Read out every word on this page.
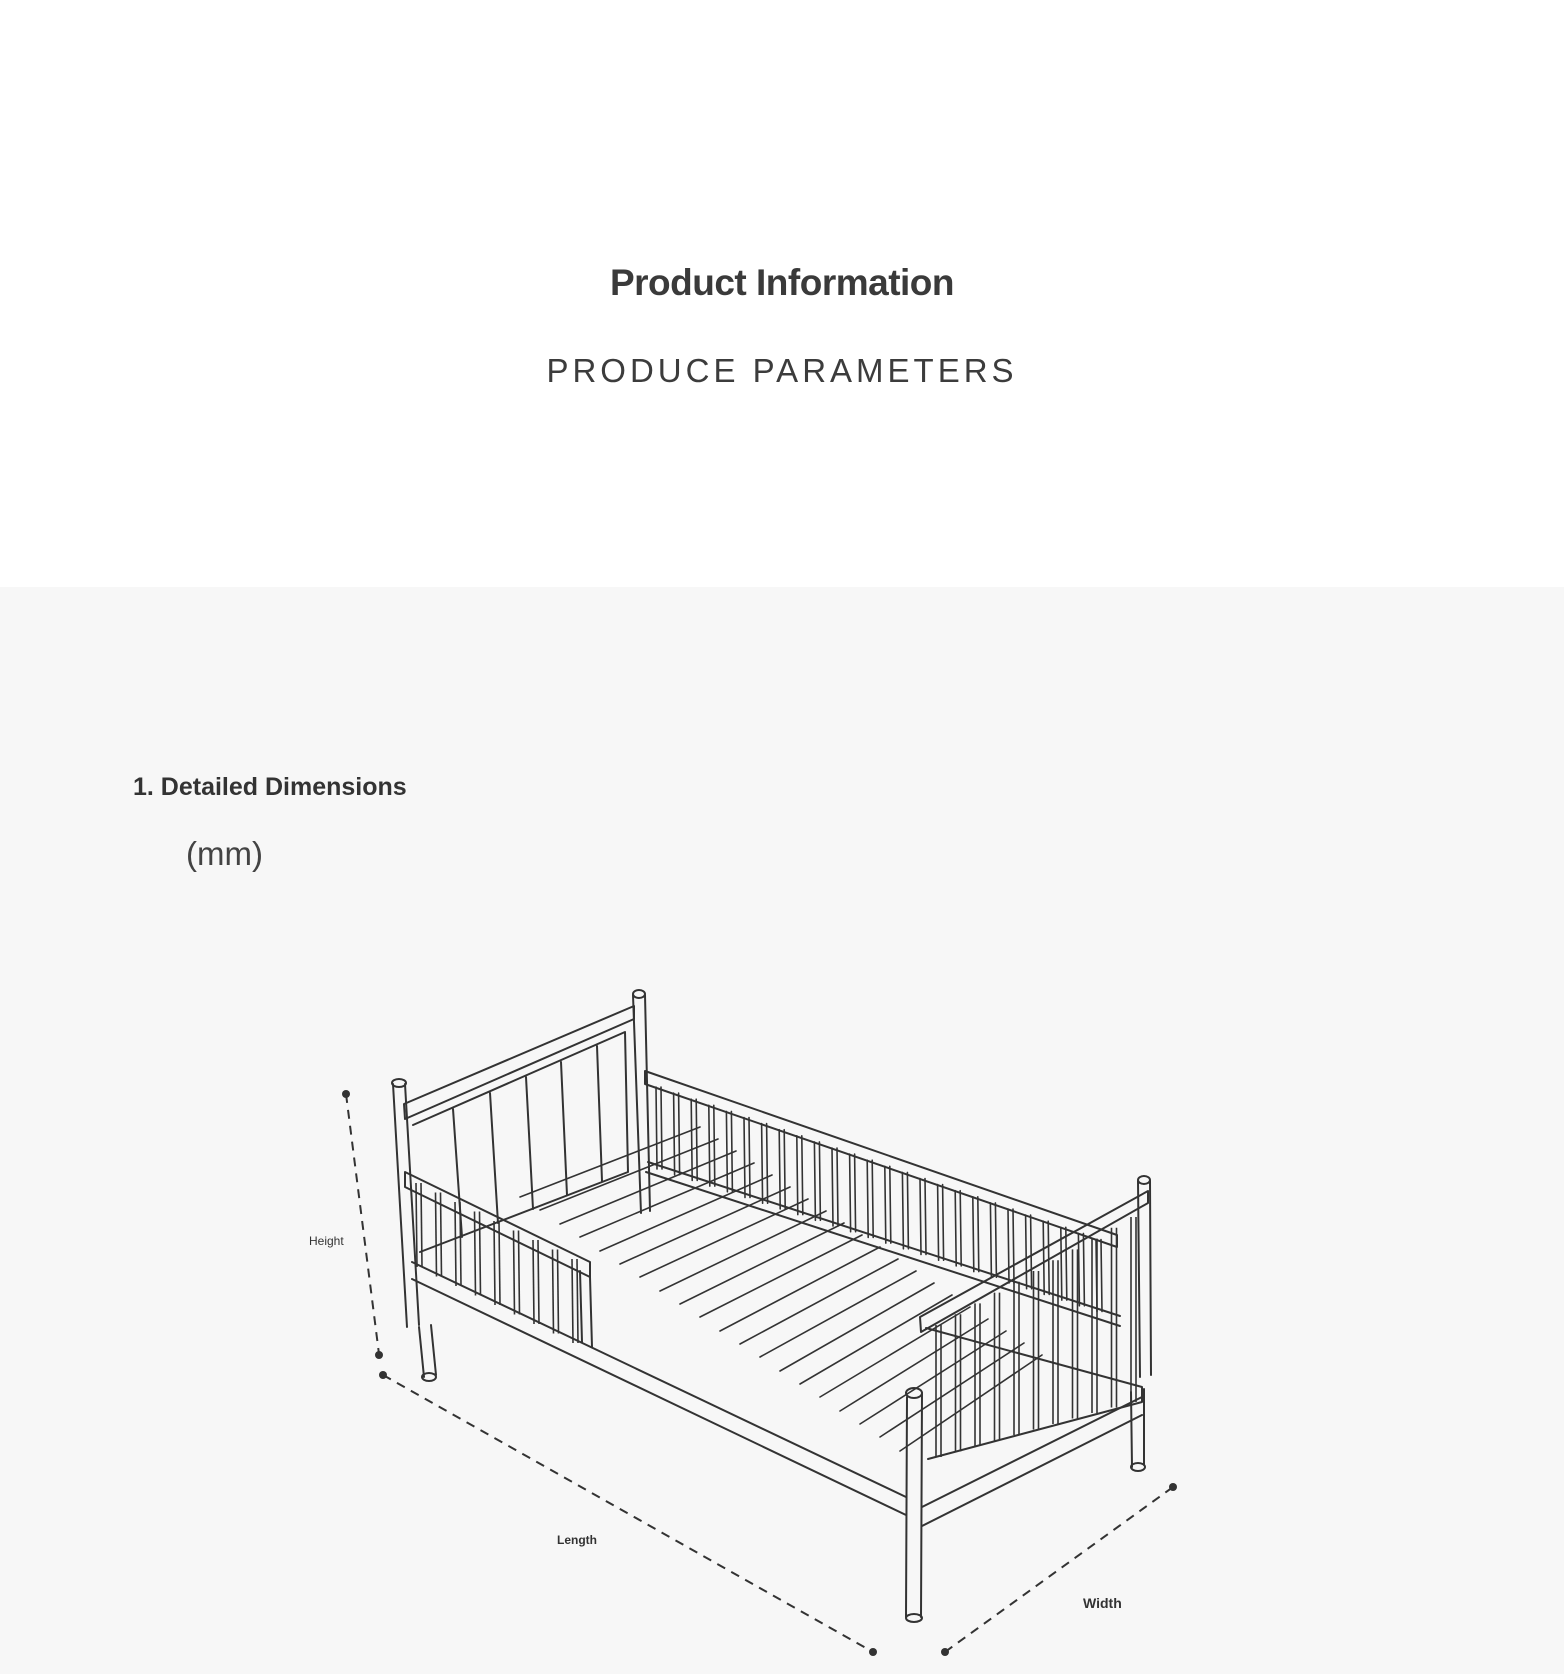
Product Information
PRODUCE PARAMETERS
1. Detailed Dimensions
(mm)
Height
Length
Width
